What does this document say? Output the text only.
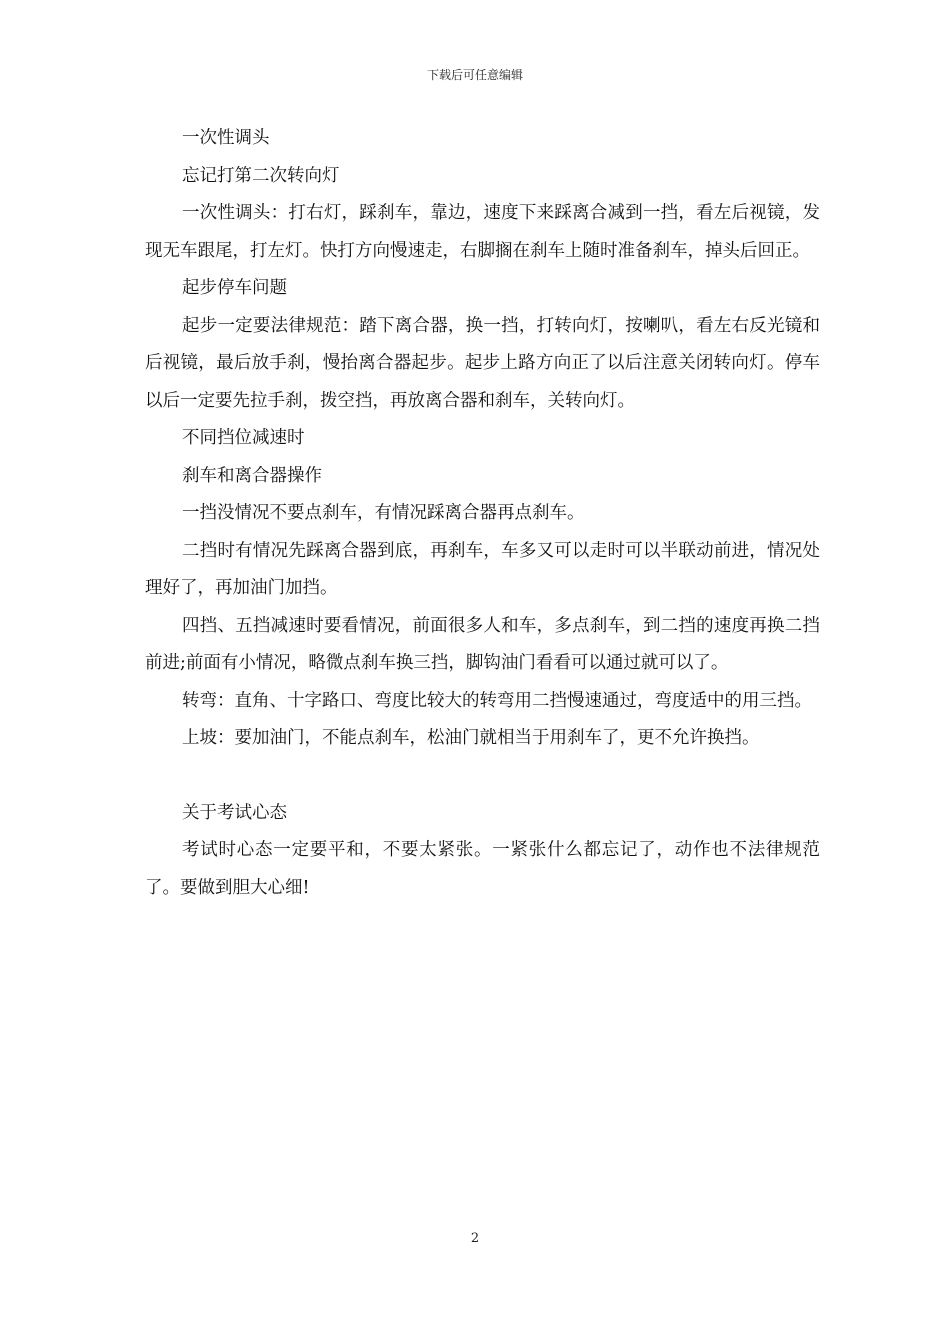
下载后可任意编辑

一次性调头

忘记打第二次转向灯

一次性调头：打右灯，踩刹车，靠边，速度下来踩离合减到一挡，看左后视镜，发现无车跟尾，打左灯。快打方向慢速走，右脚搁在刹车上随时准备刹车，掉头后回正。

起步停车问题

起步一定要法律规范：踏下离合器，换一挡，打转向灯，按喇叭，看左右反光镜和后视镜，最后放手刹，慢抬离合器起步。起步上路方向正了以后注意关闭转向灯。停车以后一定要先拉手刹，拨空挡，再放离合器和刹车，关转向灯。

不同挡位减速时

刹车和离合器操作

一挡没情况不要点刹车，有情况踩离合器再点刹车。

二挡时有情况先踩离合器到底，再刹车，车多又可以走时可以半联动前进，情况处理好了，再加油门加挡。

四挡、五挡减速时要看情况，前面很多人和车，多点刹车，到二挡的速度再换二挡前进;前面有小情况，略微点刹车换三挡，脚钩油门看看可以通过就可以了。

转弯：直角、十字路口、弯度比较大的转弯用二挡慢速通过，弯度适中的用三挡。

上坡：要加油门，不能点刹车，松油门就相当于用刹车了，更不允许换挡。

关于考试心态

考试时心态一定要平和，不要太紧张。一紧张什么都忘记了，动作也不法律规范了。要做到胆大心细!

2
